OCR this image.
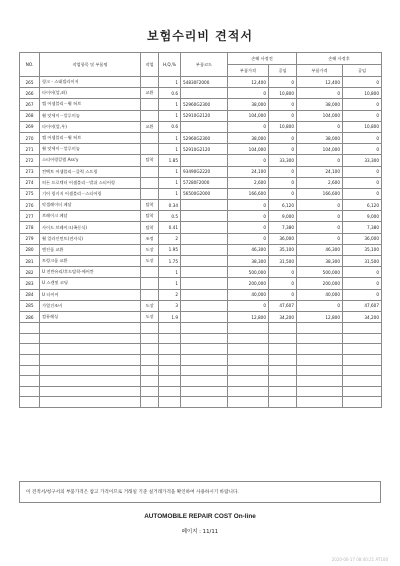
보험수리비 견적서
NO.	작업항목 및 부품명	작업	H,Q,%	부품코드	손해 사정전		손해 사정후	
					부품가격	공임	부품가격	공임
265	링크 - 스태빌라이저		1	54830F2000	12,400	0	12,400	0
266	타이어(앞,좌)	교환	0.6		0	10,800	0	10,800
267	캡 어셈블리－휠 허브		1	52960G2300	38,000	0	38,000	0
268	휠 앗세이－알루미늄		1	52910G2120	104,000	0	104,000	0
269	타이어(앞,우)	교환	0.6		0	10,800	0	10,800
270	캡 어셈블리－휠 허브		1	52960G2300	38,000	0	38,000	0
271	휠 앗세이－알루미늄		1	52910G2120	104,000	0	104,000	0
272	스티어링칼럼 Ass'y	탈착	1.85		0	33,300	0	33,300
273	컨택트 어셈블리－클럭 스프링		1	93490G2220	24,100	0	24,100	0
274	히든 프로텍터 어셈블리－밖쉬 스티어링		1	57280F2000	2,600	0	2,600	0
275	기어 링키지 어셈블리－스티어링		1	56500G2000	166,600	0	166,600	0
276	악셀레이터 페달	탈착	0.34		0	6,120	0	6,120
277	브레이크 페달	탈착	0.5		0	9,000	0	9,000
278	사이드 브레이크(족동식)	탈착	0.41		0	7,380	0	7,380
279	휠 얼라인먼트(전자식)	조정	2		0	36,000	0	36,000
280	엔진룸 교환	도장	1.95		46,300	35,100	46,300	35,100
281	트렁크룸 교환	도장	1.75		38,300	31,500	38,300	31,500
282	U 전반유리/후드탈착-에어칸		1		500,000	0	500,000	0
283	U 스캔및 코딩		1		200,000	0	200,000	0
284	U 타이어		2		40,000	0	40,000	0
285	가열건조비	도장	3		0	47,607	0	47,607
286	컴퓨레싱	도장	1.9		12,800	34,200	12,800	34,200

이 견적서/청구서의 부품가격은 참고 가격이므로 거래일 기준 실거래가격을 확인하여 사용하시기 바랍니다.
AUTOMOBILE REPAIR COST On-line
페이지 : 11/11
2020-06-17 08:40:21 AT100
